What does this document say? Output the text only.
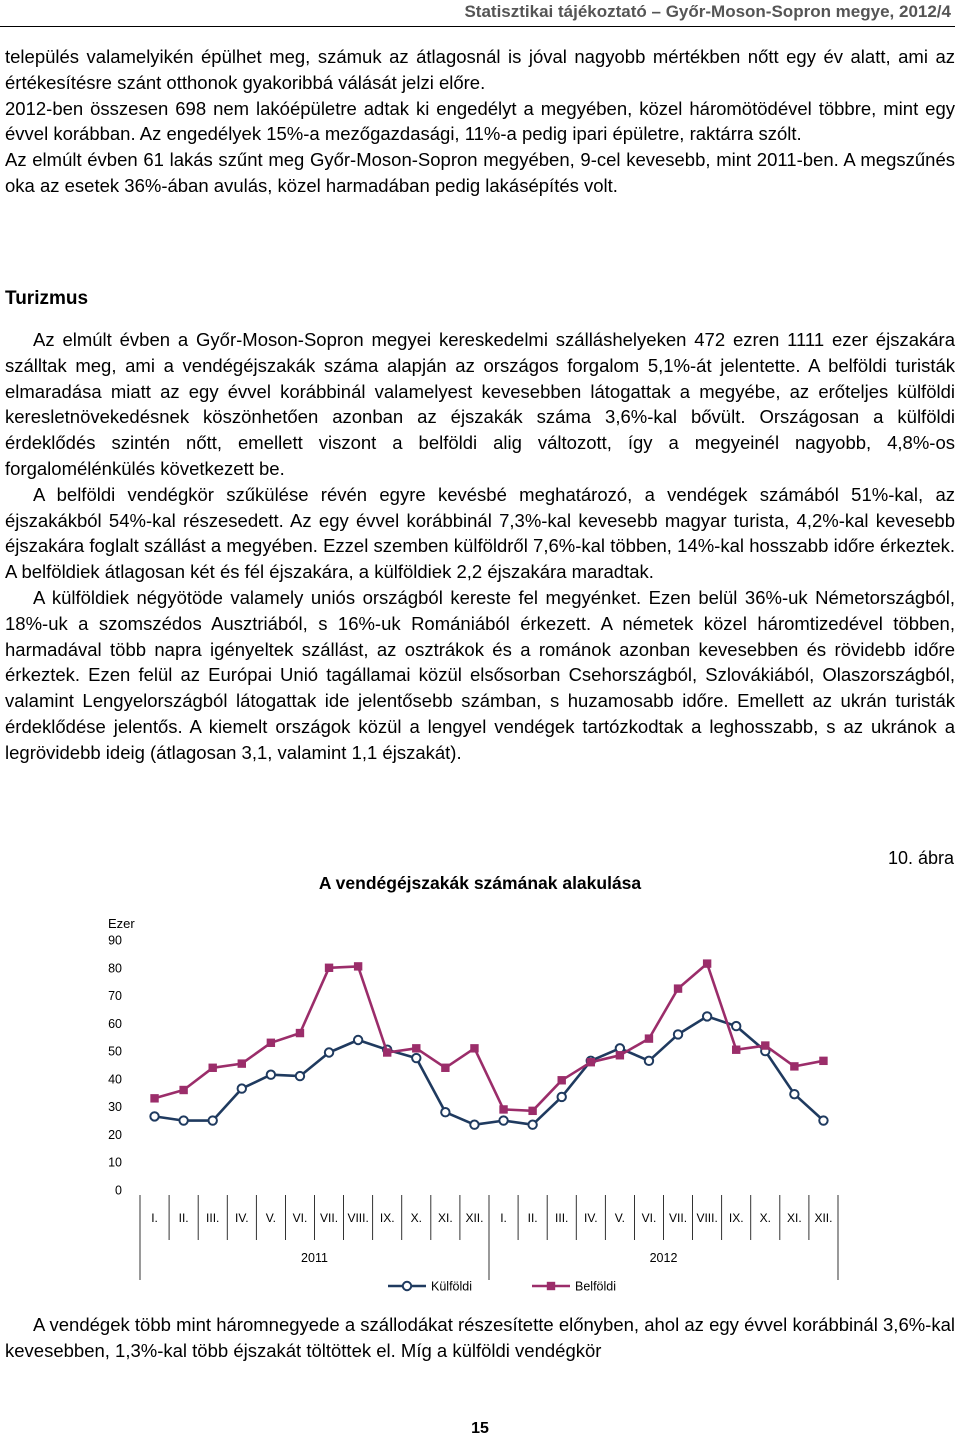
Statisztikai tájékoztató – Győr-Moson-Sopron megye, 2012/4

település valamelyikén épülhet meg, számuk az átlagosnál is jóval nagyobb mértékben nőtt egy év alatt, ami az értékesítésre szánt otthonok gyakoribbá válását jelzi előre.

2012-ben összesen 698 nem lakóépületre adtak ki engedélyt a megyében, közel háromötödével többre, mint egy évvel korábban. Az engedélyek 15%-a mezőgazdasági, 11%-a pedig ipari épületre, raktárra szólt.

Az elmúlt évben 61 lakás szűnt meg Győr-Moson-Sopron megyében, 9-cel kevesebb, mint 2011-ben. A megszűnés oka az esetek 36%-ában avulás, közel harmadában pedig lakásépítés volt.

Turizmus

Az elmúlt évben a Győr-Moson-Sopron megyei kereskedelmi szálláshelyeken 472 ezren 1111 ezer éjszakára szálltak meg, ami a vendégéjszakák száma alapján az országos forgalom 5,1%-át jelentette. A belföldi turisták elmaradása miatt az egy évvel korábbinál valamelyest kevesebben látogattak a megyébe, az erőteljes külföldi keresletnövekedésnek köszönhetően azonban az éjszakák száma 3,6%-kal bővült. Országosan a külföldi érdeklődés szintén nőtt, emellett viszont a belföldi alig változott, így a megyeinél nagyobb, 4,8%-os forgalomélénkülés következett be.

A belföldi vendégkör szűkülése révén egyre kevésbé meghatározó, a vendégek számából 51%-kal, az éjszakákból 54%-kal részesedett. Az egy évvel korábbinál 7,3%-kal kevesebb magyar turista, 4,2%-kal kevesebb éjszakára foglalt szállást a megyében. Ezzel szemben külföldről 7,6%-kal többen, 14%-kal hosszabb időre érkeztek. A belföldiek átlagosan két és fél éjszakára, a külföldiek 2,2 éjszakára maradtak.

A külföldiek négyötöde valamely uniós országból kereste fel megyénket. Ezen belül 36%-uk Németországból, 18%-uk a szomszédos Ausztriából, s 16%-uk Romániából érkezett. A németek közel háromtizedével többen, harmadával több napra igényeltek szállást, az osztrákok és a románok azonban kevesebben és rövidebb időre érkeztek. Ezen felül az Európai Unió tagállamai közül elsősorban Csehországból, Szlovákiából, Olaszországból, valamint Lengyelországból látogattak ide jelentősebb számban, s huzamosabb időre. Emellett az ukrán turisták érdeklődése jelentős. A kiemelt országok közül a lengyel vendégek tartózkodtak a leghosszabb, s az ukránok a legrövidebb ideig (átlagosan 3,1, valamint 1,1 éjszakát).

10. ábra
A vendégéjszakák számának alakulása
Ezer
0
10
20
30
40
50
60
70
80
90
I. II. III. IV. V. VI. VII. VIII. IX. X. XI. XII. I. II. III. IV. V. VI. VII. VIII. IX. X. XI. XII.
2011	2012
Külföldi	Belföldi

A vendégek több mint háromnegyede a szállodákat részesítette előnyben, ahol az egy évvel korábbinál 3,6%-kal kevesebben, 1,3%-kal több éjszakát töltöttek el. Míg a külföldi vendégkör

15
